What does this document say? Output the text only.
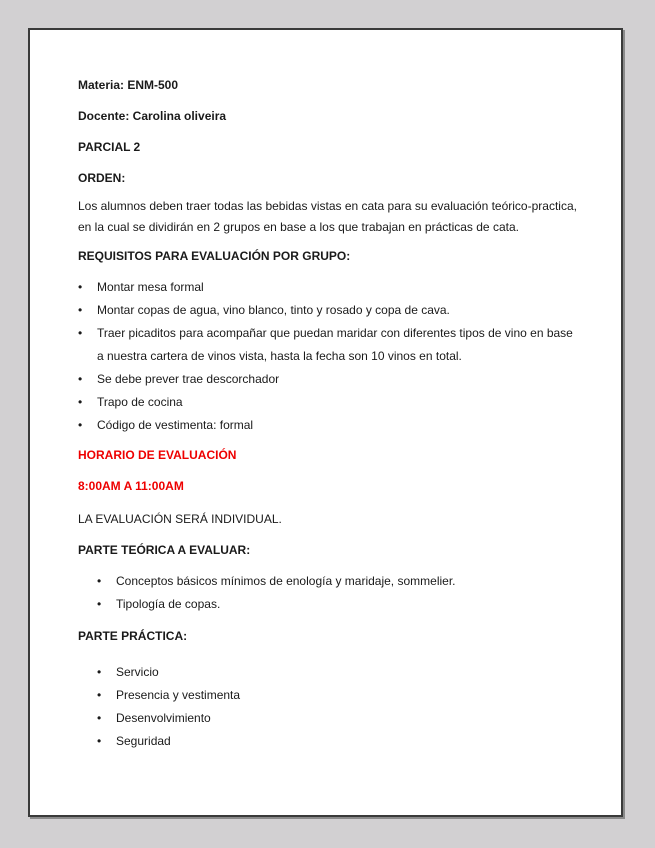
Materia: ENM-500

Docente: Carolina oliveira

PARCIAL 2

ORDEN:

Los alumnos deben traer todas las bebidas vistas en cata para su evaluación teórico-practica, en la cual se dividirán en 2 grupos en base a los que trabajan en prácticas de cata.

REQUISITOS PARA EVALUACIÓN POR GRUPO:

• Montar mesa formal
• Montar copas de agua, vino blanco, tinto y rosado y copa de cava.
• Traer picaditos para acompañar que puedan maridar con diferentes tipos de vino en base a nuestra cartera de vinos vista, hasta la fecha son 10 vinos en total.
• Se debe prever trae descorchador
• Trapo de cocina
• Código de vestimenta: formal

HORARIO DE EVALUACIÓN

8:00AM A 11:00AM

LA EVALUACIÓN SERÁ INDIVIDUAL.

PARTE TEÓRICA A EVALUAR:

• Conceptos básicos mínimos de enología y maridaje, sommelier.
• Tipología de copas.

PARTE PRÁCTICA:

• Servicio
• Presencia y vestimenta
• Desenvolvimiento
• Seguridad
